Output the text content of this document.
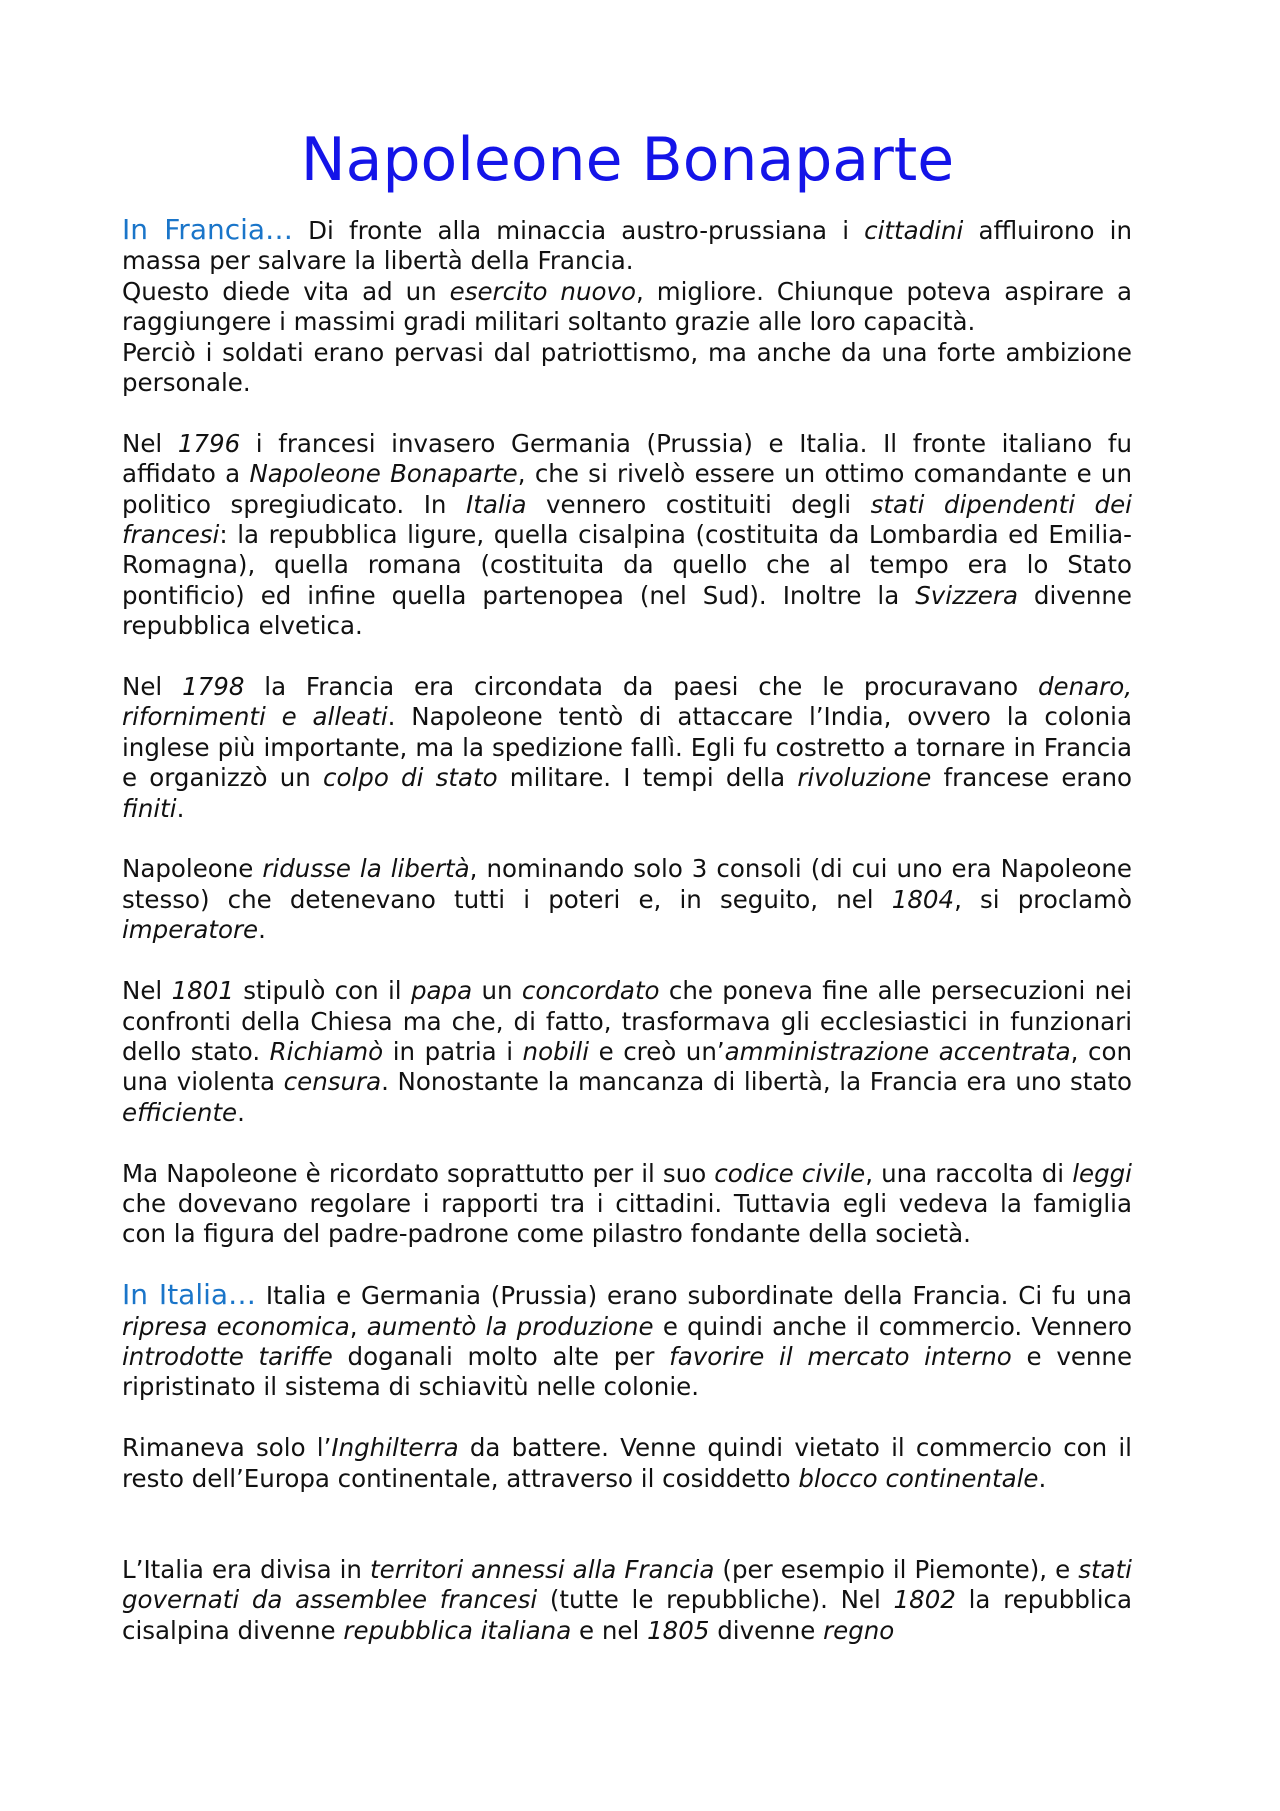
Napoleone Bonaparte

In Francia… Di fronte alla minaccia austro-prussiana i cittadini affluirono in massa per salvare la libertà della Francia.

Questo diede vita ad un esercito nuovo, migliore. Chiunque poteva aspirare a raggiungere i massimi gradi militari soltanto grazie alle loro capacità.

Perciò i soldati erano pervasi dal patriottismo, ma anche da una forte ambizione personale.

Nel 1796 i francesi invasero Germania (Prussia) e Italia. Il fronte italiano fu affidato a Napoleone Bonaparte, che si rivelò essere un ottimo comandante e un politico spregiudicato. In Italia vennero costituiti degli stati dipendenti dei francesi: la repubblica ligure, quella cisalpina (costituita da Lombardia ed Emilia-Romagna), quella romana (costituita da quello che al tempo era lo Stato pontificio) ed infine quella partenopea (nel Sud). Inoltre la Svizzera divenne repubblica elvetica.

Nel 1798 la Francia era circondata da paesi che le procuravano denaro, rifornimenti e alleati. Napoleone tentò di attaccare l’India, ovvero la colonia inglese più importante, ma la spedizione fallì. Egli fu costretto a tornare in Francia e organizzò un colpo di stato militare. I tempi della rivoluzione francese erano finiti.

Napoleone ridusse la libertà, nominando solo 3 consoli (di cui uno era Napoleone stesso) che detenevano tutti i poteri e, in seguito, nel 1804, si proclamò imperatore.

Nel 1801 stipulò con il papa un concordato che poneva fine alle persecuzioni nei confronti della Chiesa ma che, di fatto, trasformava gli ecclesiastici in funzionari dello stato. Richiamò in patria i nobili e creò un’amministrazione accentrata, con una violenta censura. Nonostante la mancanza di libertà, la Francia era uno stato efficiente.

Ma Napoleone è ricordato soprattutto per il suo codice civile, una raccolta di leggi che dovevano regolare i rapporti tra i cittadini. Tuttavia egli vedeva la famiglia con la figura del padre-padrone come pilastro fondante della società.

In Italia… Italia e Germania (Prussia) erano subordinate della Francia. Ci fu una ripresa economica, aumentò la produzione e quindi anche il commercio. Vennero introdotte tariffe doganali molto alte per favorire il mercato interno e venne ripristinato il sistema di schiavitù nelle colonie.

Rimaneva solo l’Inghilterra da battere. Venne quindi vietato il commercio con il resto dell’Europa continentale, attraverso il cosiddetto blocco continentale.

L’Italia era divisa in territori annessi alla Francia (per esempio il Piemonte), e stati governati da assemblee francesi (tutte le repubbliche). Nel 1802 la repubblica cisalpina divenne repubblica italiana e nel 1805 divenne regno
